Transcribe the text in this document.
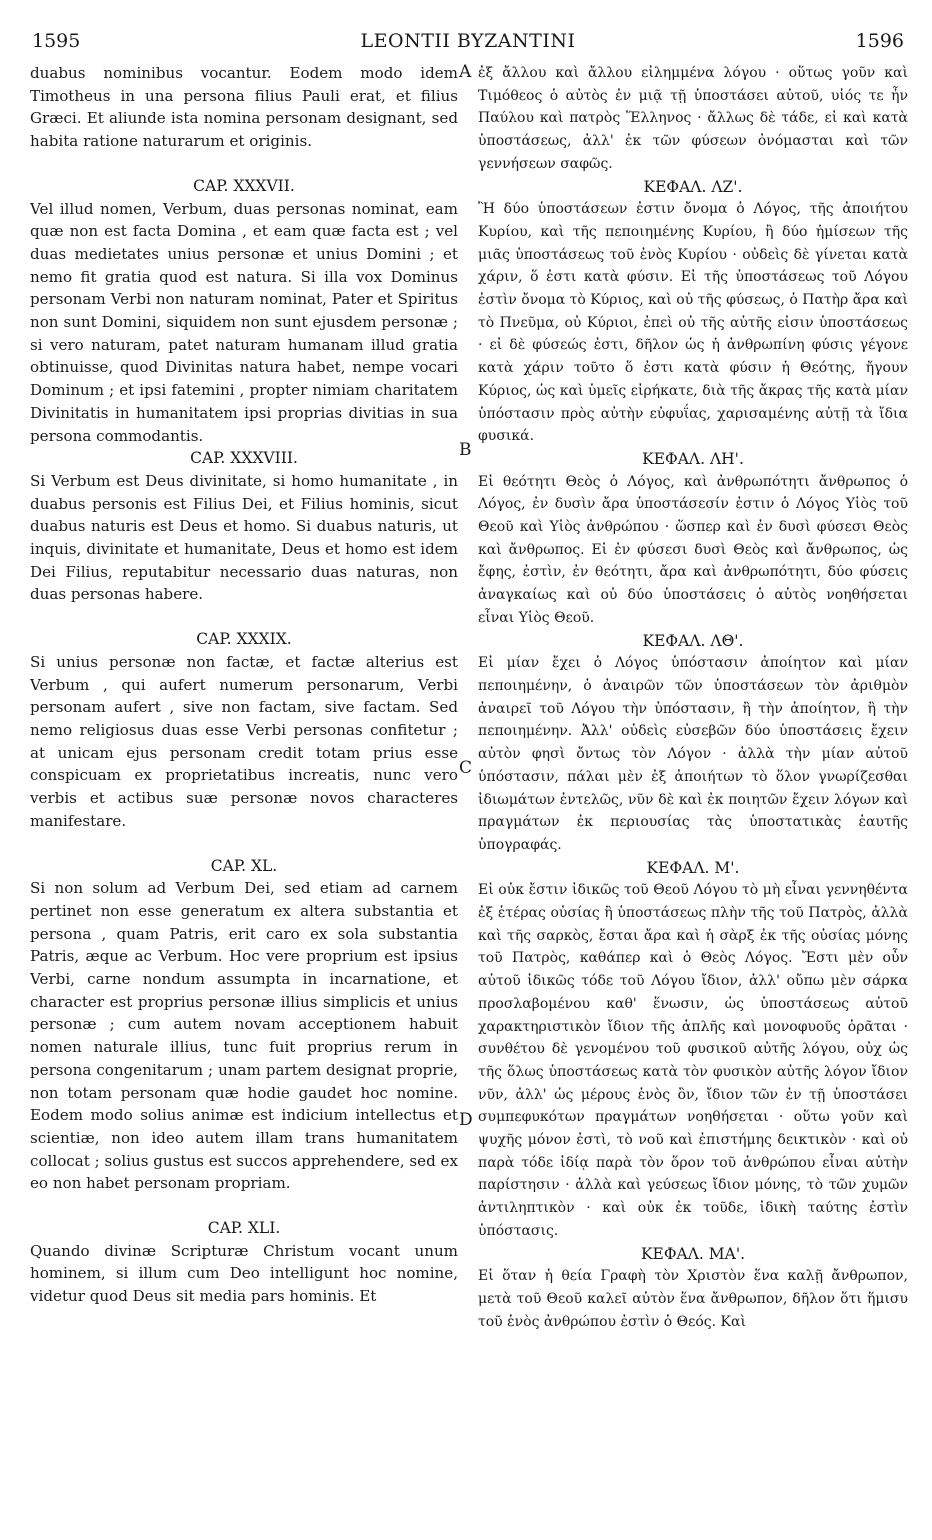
1595	LEONTII BYZANTINI	1596
A
B
C
D

duabus nominibus vocantur. Eodem modo idem Timotheus in una persona filius Pauli erat, et filius Græci. Et aliunde ista nomina personam designant, sed habita ratione naturarum et originis.

CAP. XXXVII.

Vel illud nomen, Verbum, duas personas nominat, eam quæ non est facta Domina , et eam quæ facta est ; vel duas medietates unius personæ et unius Domini ; et nemo fit gratia quod est natura. Si illa vox Dominus personam Verbi non naturam nominat, Pater et Spiritus non sunt Domini, siquidem non sunt ejusdem personæ ; si vero naturam, patet naturam humanam illud gratia obtinuisse, quod Divinitas natura habet, nempe vocari Dominum ; et ipsi fatemini , propter nimiam charitatem Divinitatis in humanitatem ipsi proprias divitias in sua persona commodantis.

CAP. XXXVIII.

Si Verbum est Deus divinitate, si homo humanitate , in duabus personis est Filius Dei, et Filius hominis, sicut duabus naturis est Deus et homo. Si duabus naturis, ut inquis, divinitate et humanitate, Deus et homo est idem Dei Filius, reputabitur necessario duas naturas, non duas personas habere.

CAP. XXXIX.

Si unius personæ non factæ, et factæ alterius est Verbum , qui aufert numerum personarum, Verbi personam aufert , sive non factam, sive factam. Sed nemo religiosus duas esse Verbi personas confitetur ; at unicam ejus personam credit totam prius esse conspicuam ex proprietatibus increatis, nunc vero verbis et actibus suæ personæ novos characteres manifestare.

CAP. XL.

Si non solum ad Verbum Dei, sed etiam ad carnem pertinet non esse generatum ex altera substantia et persona , quam Patris, erit caro ex sola substantia Patris, æque ac Verbum. Hoc vere proprium est ipsius Verbi, carne nondum assumpta in incarnatione, et character est proprius personæ illius simplicis et unius personæ ; cum autem novam acceptionem habuit nomen naturale illius, tunc fuit proprius rerum in persona congenitarum ; unam partem designat proprie, non totam personam quæ hodie gaudet hoc nomine. Eodem modo solius animæ est indicium intellectus et scientiæ, non ideo autem illam trans humanitatem collocat ; solius gustus est succos apprehendere, sed ex eo non habet personam propriam.

CAP. XLI.

Quando divinæ Scripturæ Christum vocant unum hominem, si illum cum Deo intelligunt hoc nomine, videtur quod Deus sit media pars hominis. Et

ἐξ ἄλλου καὶ ἄλλου εἰλημμένα λόγου · οὕτως γοῦν καὶ Τιμόθεος ὁ αὐτὸς ἐν μιᾷ τῇ ὑποστάσει αὐτοῦ, υἱός τε ἦν Παύλου καὶ πατρὸς Ἕλληνος · ἄλλως δὲ τάδε, εἰ καὶ κατὰ ὑποστάσεως, ἀλλ' ἐκ τῶν φύσεων ὀνόμασται καὶ τῶν γεννήσεων σαφῶς.

ΚΕΦΑΛ. ΛΖ'.

Ἢ δύο ὑποστάσεων ἐστιν ὄνομα ὁ Λόγος, τῆς ἀποιήτου Κυρίου, καὶ τῆς πεποιημένης Κυρίου, ἢ δύο ἡμίσεων τῆς μιᾶς ὑποστάσεως τοῦ ἑνὸς Κυρίου · οὐδεὶς δὲ γίνεται κατὰ χάριν, ὅ ἐστι κατὰ φύσιν. Εἰ τῆς ὑποστάσεως τοῦ Λόγου ἐστὶν ὄνομα τὸ Κύριος, καὶ οὐ τῆς φύσεως, ὁ Πατὴρ ἄρα καὶ τὸ Πνεῦμα, οὐ Κύριοι, ἐπεὶ οὐ τῆς αὐτῆς εἰσιν ὑποστάσεως · εἰ δὲ φύσεώς ἐστι, δῆλον ὡς ἡ ἀνθρωπίνη φύσις γέγονε κατὰ χάριν τοῦτο ὅ ἐστι κατὰ φύσιν ἡ Θεότης, ἤγουν Κύριος, ὡς καὶ ὑμεῖς εἰρήκατε, διὰ τῆς ἄκρας τῆς κατὰ μίαν ὑπόστασιν πρὸς αὐτὴν εὐφυΐας, χαρισαμένης αὐτῇ τὰ ἴδια φυσικά.

ΚΕΦΑΛ. ΛΗ'.

Εἰ θεότητι Θεὸς ὁ Λόγος, καὶ ἀνθρωπότητι ἄνθρωπος ὁ Λόγος, ἐν δυσὶν ἄρα ὑποστάσεσίν ἐστιν ὁ Λόγος Υἱὸς τοῦ Θεοῦ καὶ Υἱὸς ἀνθρώπου · ὥσπερ καὶ ἐν δυσὶ φύσεσι Θεὸς καὶ ἄνθρωπος. Εἰ ἐν φύσεσι δυσὶ Θεὸς καὶ ἄνθρωπος, ὡς ἔφης, ἐστὶν, ἐν θεότητι, ἄρα καὶ ἀνθρωπότητι, δύο φύσεις ἀναγκαίως καὶ οὐ δύο ὑποστάσεις ὁ αὐτὸς νοηθήσεται εἶναι Υἱὸς Θεοῦ.

ΚΕΦΑΛ. ΛΘ'.

Εἰ μίαν ἔχει ὁ Λόγος ὑπόστασιν ἀποίητον καὶ μίαν πεποιημένην, ὁ ἀναιρῶν τῶν ὑποστάσεων τὸν ἀριθμὸν ἀναιρεῖ τοῦ Λόγου τὴν ὑπόστασιν, ἢ τὴν ἀποίητον, ἢ τὴν πεποιημένην. Ἀλλ' οὐδεὶς εὐσεβῶν δύο ὑποστάσεις ἔχειν αὐτὸν φησὶ ὄντως τὸν Λόγον · ἀλλὰ τὴν μίαν αὐτοῦ ὑπόστασιν, πάλαι μὲν ἐξ ἀποιήτων τὸ ὅλον γνωρίζεσθαι ἰδιωμάτων ἐντελῶς, νῦν δὲ καὶ ἐκ ποιητῶν ἔχειν λόγων καὶ πραγμάτων ἐκ περιουσίας τὰς ὑποστατικὰς ἑαυτῆς ὑπογραφάς.

ΚΕΦΑΛ. Μ'.

Εἰ οὐκ ἔστιν ἰδικῶς τοῦ Θεοῦ Λόγου τὸ μὴ εἶναι γεννηθέντα ἐξ ἑτέρας οὐσίας ἢ ὑποστάσεως πλὴν τῆς τοῦ Πατρὸς, ἀλλὰ καὶ τῆς σαρκὸς, ἔσται ἄρα καὶ ἡ σὰρξ ἐκ τῆς οὐσίας μόνης τοῦ Πατρὸς, καθάπερ καὶ ὁ Θεὸς Λόγος. Ἔστι μὲν οὖν αὐτοῦ ἰδικῶς τόδε τοῦ Λόγου ἴδιον, ἀλλ' οὔπω μὲν σάρκα προσλαβομένου καθ' ἕνωσιν, ὡς ὑποστάσεως αὐτοῦ χαρακτηριστικὸν ἴδιον τῆς ἁπλῆς καὶ μονοφυοῦς ὁρᾶται · συνθέτου δὲ γενομένου τοῦ φυσικοῦ αὐτῆς λόγου, οὐχ ὡς τῆς ὅλως ὑποστάσεως κατὰ τὸν φυσικὸν αὐτῆς λόγον ἴδιον νῦν, ἀλλ' ὡς μέρους ἑνὸς ὂν, ἴδιον τῶν ἐν τῇ ὑποστάσει συμπεφυκότων πραγμάτων νοηθήσεται · οὕτω γοῦν καὶ ψυχῆς μόνον ἐστὶ, τὸ νοῦ καὶ ἐπιστήμης δεικτικὸν · καὶ οὐ παρὰ τόδε ἰδίᾳ παρὰ τὸν ὅρον τοῦ ἀνθρώπου εἶναι αὐτὴν παρίστησιν · ἀλλὰ καὶ γεύσεως ἴδιον μόνης, τὸ τῶν χυμῶν ἀντιληπτικὸν · καὶ οὐκ ἐκ τοῦδε, ἰδικὴ ταύτης ἐστὶν ὑπόστασις.

ΚΕΦΑΛ. ΜΑ'.

Εἰ ὅταν ἡ θεία Γραφὴ τὸν Χριστὸν ἕνα καλῇ ἄνθρωπον, μετὰ τοῦ Θεοῦ καλεῖ αὐτὸν ἕνα ἄνθρωπον, δῆλον ὅτι ἥμισυ τοῦ ἑνὸς ἀνθρώπου ἐστὶν ὁ Θεός. Καὶ
